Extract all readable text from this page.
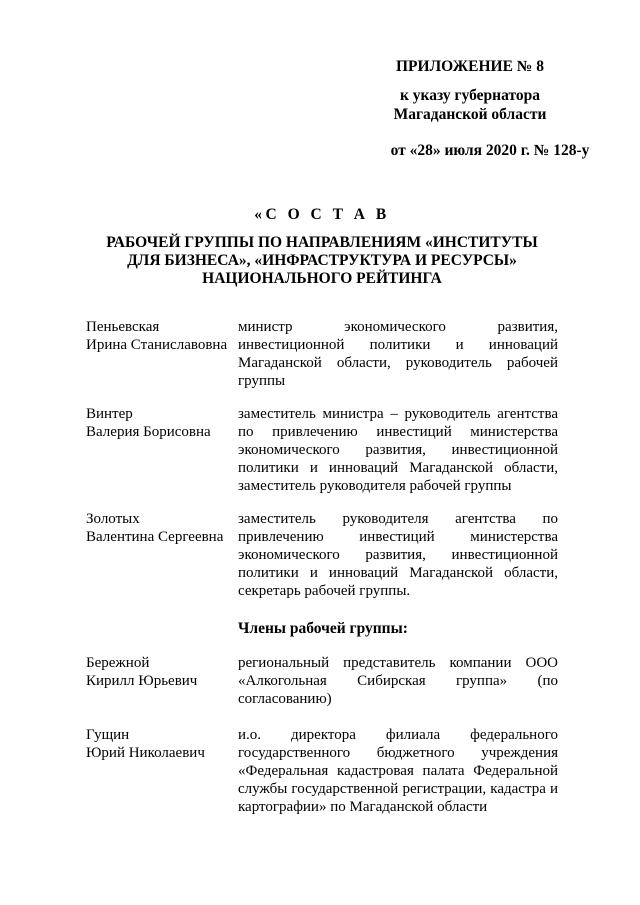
ПРИЛОЖЕНИЕ № 8
к указу губернатора
Магаданской области
от «28» июля 2020 г. № 128-у
«С О С Т А В
РАБОЧЕЙ ГРУППЫ ПО НАПРАВЛЕНИЯМ «ИНСТИТУТЫ
ДЛЯ БИЗНЕСА», «ИНФРАСТРУКТУРА И РЕСУРСЫ»
НАЦИОНАЛЬНОГО РЕЙТИНГА
Пеньевская
Ирина Станиславовна
министр экономического развития, инвестиционной политики и инноваций Магаданской области, руководитель рабочей группы
Винтер
Валерия Борисовна
заместитель министра – руководитель агентства по привлечению инвестиций министерства экономического развития, инвестиционной политики и инноваций Магаданской области, заместитель руководителя рабочей группы
Золотых
Валентина Сергеевна
заместитель руководителя агентства по привлечению инвестиций министерства экономического развития, инвестиционной политики и инноваций Магаданской области, секретарь рабочей группы.
Члены рабочей группы:
Бережной
Кирилл Юрьевич
региональный представитель компании ООО «Алкогольная Сибирская группа» (по согласованию)
Гущин
Юрий Николаевич
и.о. директора филиала федерального государственного бюджетного учреждения «Федеральная кадастровая палата Федеральной службы государственной регистрации, кадастра и картографии» по Магаданской области
